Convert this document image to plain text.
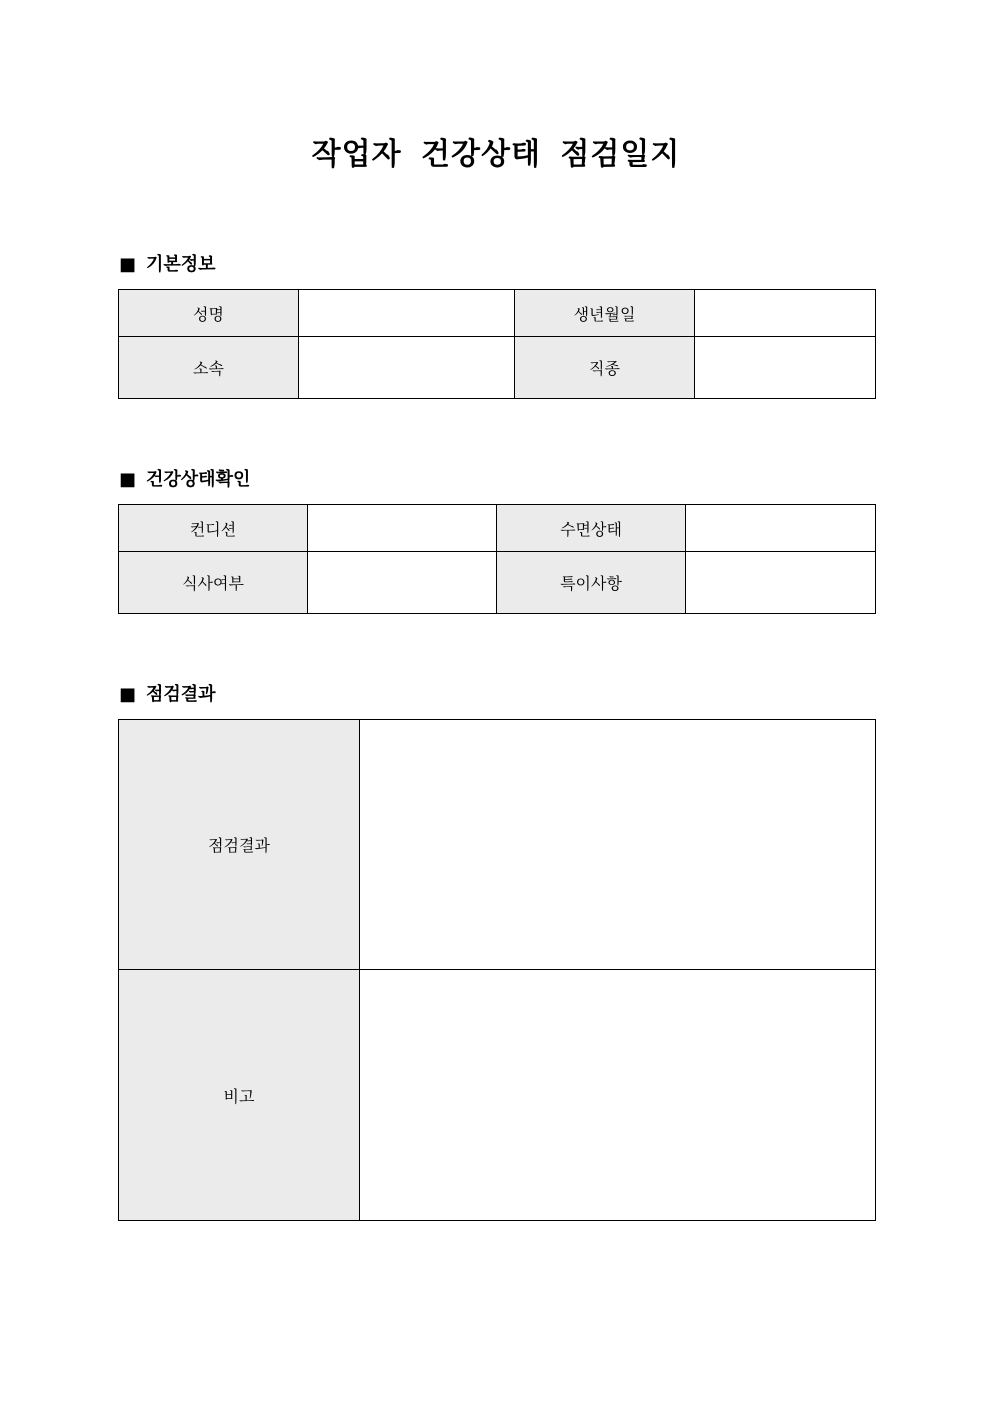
작업자 건강상태 점검일지
■ 기본정보
성명		생년월일	
소속		직종	
■ 건강상태확인
컨디션		수면상태	
식사여부		특이사항	
■ 점검결과
점검결과	
비고	
